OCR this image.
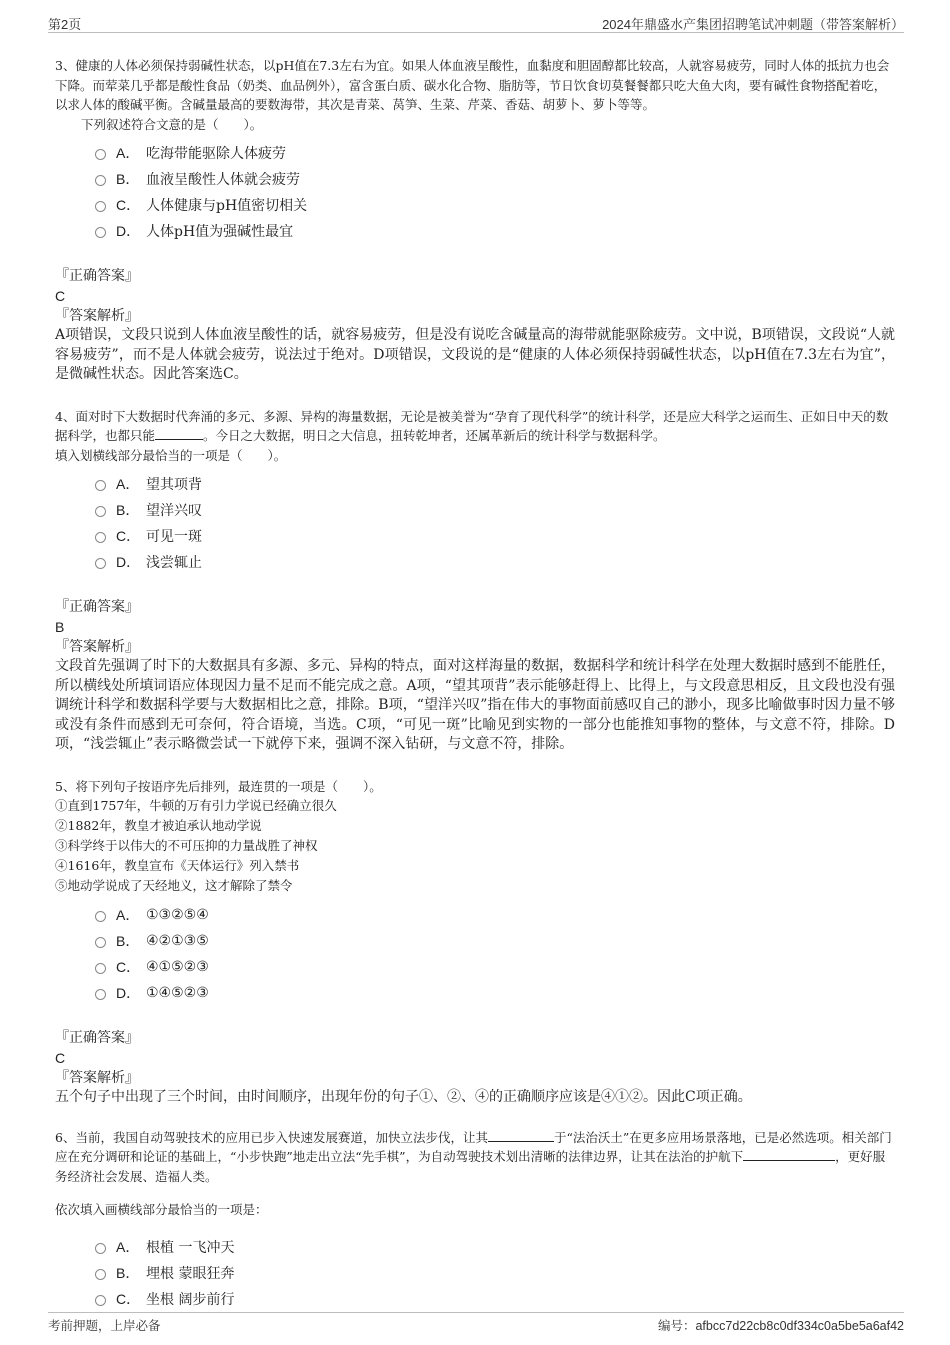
第2页	2024年鼎盛水产集团招聘笔试冲刺题（带答案解析）

3、健康的人体必须保持弱碱性状态，以pH值在7.3左右为宜。如果人体血液呈酸性，血黏度和胆固醇都比较高，人就容易疲劳，同时人体的抵抗力也会下降。而荤菜几乎都是酸性食品（奶类、血品例外），富含蛋白质、碳水化合物、脂肪等，节日饮食切莫餐餐都只吃大鱼大肉，要有碱性食物搭配着吃，以求人体的酸碱平衡。含碱量最高的要数海带，其次是青菜、莴笋、生菜、芹菜、香菇、胡萝卜、萝卜等等。

下列叙述符合文意的是（　　）。

A． 吃海带能驱除人体疲劳
B． 血液呈酸性人体就会疲劳
C． 人体健康与pH值密切相关
D． 人体pH值为强碱性最宜

『正确答案』

C

『答案解析』

A项错误，文段只说到人体血液呈酸性的话，就容易疲劳，但是没有说吃含碱量高的海带就能驱除疲劳。文中说，B项错误，文段说“人就容易疲劳”，而不是人体就会疲劳，说法过于绝对。D项错误，文段说的是“健康的人体必须保持弱碱性状态，以pH值在7.3左右为宜”，是微碱性状态。因此答案选C。

4、面对时下大数据时代奔涌的多元、多源、异构的海量数据，无论是被美誉为“孕育了现代科学”的统计科学，还是应大科学之运而生、正如日中天的数据科学，也都只能	。今日之大数据，明日之大信息，扭转乾坤者，还属革新后的统计科学与数据科学。

填入划横线部分最恰当的一项是（　　）。

A． 望其项背
B． 望洋兴叹
C． 可见一斑
D． 浅尝辄止

『正确答案』

B

『答案解析』

文段首先强调了时下的大数据具有多源、多元、异构的特点，面对这样海量的数据，数据科学和统计科学在处理大数据时感到不能胜任，所以横线处所填词语应体现因力量不足而不能完成之意。A项，“望其项背”表示能够赶得上、比得上，与文段意思相反，且文段也没有强调统计科学和数据科学要与大数据相比之意，排除。B项，“望洋兴叹”指在伟大的事物面前感叹自己的渺小，现多比喻做事时因力量不够或没有条件而感到无可奈何，符合语境，当选。C项，“可见一斑”比喻见到实物的一部分也能推知事物的整体，与文意不符，排除。D项，“浅尝辄止”表示略微尝试一下就停下来，强调不深入钻研，与文意不符，排除。

5、将下列句子按语序先后排列，最连贯的一项是（　　）。

①直到1757年，牛顿的万有引力学说已经确立很久

②1882年，教皇才被迫承认地动学说

③科学终于以伟大的不可压抑的力量战胜了神权

④1616年，教皇宣布《天体运行》列入禁书

⑤地动学说成了天经地义，这才解除了禁令

A． ①③②⑤④
B． ④②①③⑤
C． ④①⑤②③
D． ①④⑤②③

『正确答案』

C

『答案解析』

五个句子中出现了三个时间，由时间顺序，出现年份的句子①、②、④的正确顺序应该是④①②。因此C项正确。

6、当前，我国自动驾驶技术的应用已步入快速发展赛道，加快立法步伐，让其	于“法治沃土”在更多应用场景落地，已是必然选项。相关部门应在充分调研和论证的基础上，“小步快跑”地走出立法“先手棋”，为自动驾驶技术划出清晰的法律边界，让其在法治的护航下	，更好服务经济社会发展、造福人类。

依次填入画横线部分最恰当的一项是：

A． 根植 一飞冲天
B． 埋根 蒙眼狂奔
C． 坐根 阔步前行
考前押题，上岸必备	编号：afbcc7d22cb8c0df334c0a5be5a6af42
